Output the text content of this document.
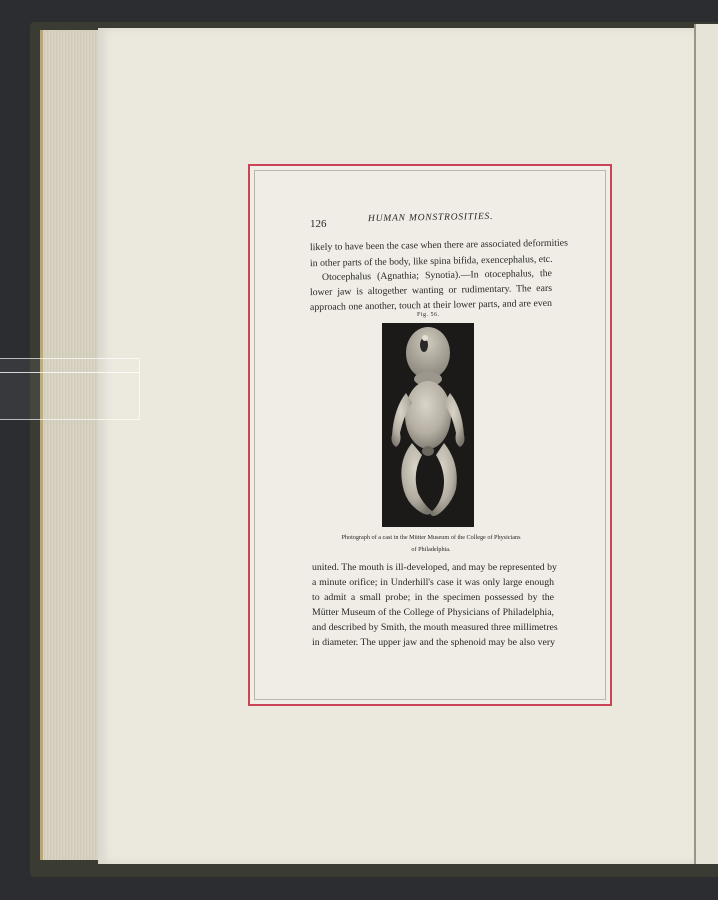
126	HUMAN MONSTROSITIES.
likely to have been the case when there are associated deformities
in other parts of the body, like spina bifida, exencephalus, etc.
Otocephalus (Agnathia; Synotia).—In otocephalus, the
lower jaw is altogether wanting or rudimentary. The ears
approach one another, touch at their lower parts, and are even
Fig. 56.
Photograph of a cast in the Mütter Museum of the College of Physicians
of Philadelphia.
united. The mouth is ill-developed, and may be represented by
a minute orifice; in Underhill's case it was only large enough
to admit a small probe; in the specimen possessed by the
Mütter Museum of the College of Physicians of Philadelphia,
and described by Smith, the mouth measured three millimetres
in diameter. The upper jaw and the sphenoid may be also very
